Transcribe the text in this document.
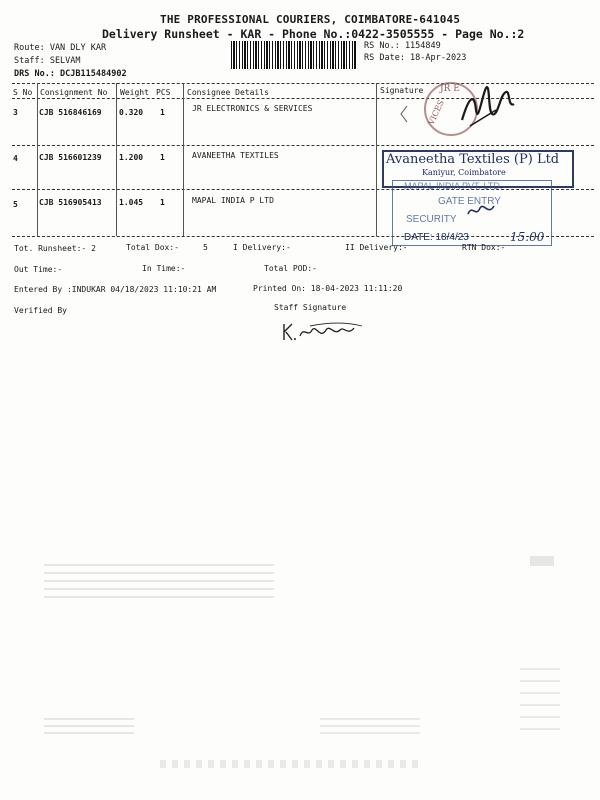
THE PROFESSIONAL COURIERS, COIMBATORE-641045
Delivery Runsheet - KAR - Phone No.:0422-3505555 - Page No.:2
Route: VAN DLY KAR
Staff: SELVAM
DRS No.: DCJB115484902
RS No.: 1154849
RS Date: 18-Apr-2023
S No Consignment No Weight PCS Consignee Details	Signature
3	CJB 516846169 0.320 1	JR ELECTRONICS & SERVICES
4	CJB 516601239 1.200 1	AVANEETHA TEXTILES
5	CJB 516905413 1.045 1	MAPAL INDIA P LTD
JR E
VICES
Avaneetha Textiles (P) Ltd
Kaniyur, Coimbatore
MAPAL INDIA PVT. LTD.
GATE ENTRY
SECURITY
DATE: 18/4/23	15.00
Tot. Runsheet:- 2	Total Dox:-	5	I Delivery:-	II Delivery:-	RTN Dox:-
Out Time:-	In Time:-	Total POD:-
Entered By :INDUKAR 04/18/2023 11:10:21 AM	Printed On: 18-04-2023 11:11:20
Verified By	Staff Signature
